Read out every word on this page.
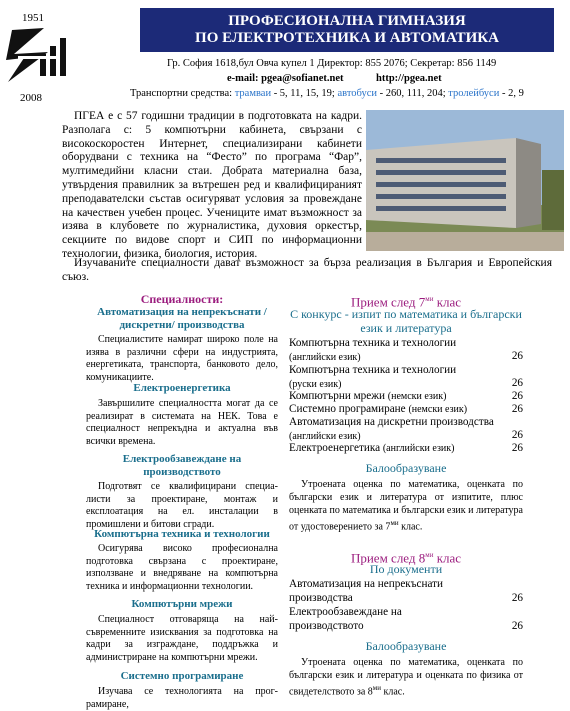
1951
2008
ПРОФЕСИОНАЛНА ГИМНАЗИЯ
ПО ЕЛЕКТРОТЕХНИКА И АВТОМАТИКА
Гр. София 1618,бул Овча купел 1 Директор: 855 2076; Секретар: 856 1149
e-mail: pgea@sofianet.net	http://pgea.net
Транспортни средства: трамваи - 5, 11, 15, 19; автобуси - 260, 111, 204; тролейбуси - 2, 9
ПГЕА е с 57 годишни традиции в подготовката на кадри. Разполага с: 5 компютърни кабинета, свързани с високоскоростен Интернет, специализирани кабинети оборудвани с техника на “Фесто” по програма “Фар”, мултимедийни класни стаи. Добрата материална база, утвърдения правилник за вътрешен ред и квалифицираният преподавателски състав осигуряват условия за провеждане на качествен учебен процес. Учениците имат възможност за изява в клубовете по журналистика, духовия оркестър, секциите по видове спорт и СИП по информационни технологии, физика, биология, история.
Изучаваните специалности дават възможност за бърза реализация в България и Европейския съюз.
Специалности:
Автоматизация на непрекъснати /дискретни/ производства
Специалистите намират широко поле на изява в различни сфери на индустрията, енергетиката, транспорта, банковото дело, комуникациите.
Електроенергетика
Завършилите специалността могат да се реализират в системата на НЕК. Това е специалност непрекъдна и актуална във всички времена.
Електрообзавеждане на производството
Подготвят се квалифицирани специа-листи за проектиране, монтаж и експлоатация на ел. инсталации в промишлени и битови сгради.
Компютърна техника и технологии
Осигурява високо професионална подготовка свързана с проектиране, използване и внедряване на компютърна техника и информационни технологии.
Компютърни мрежи
Специалност отговаряща на най-съвременните изисквания за подготовка на кадри за изграждане, поддръжка и администриране на компютърни мрежи.
Системно програмиране
Изучава се технологията на прог-рамиране,
Прием след $7^{ми}$ клас
С конкурс - изпит по математика и български език и литература
Компютърна техника и технологии
(английски език)	26
Компютърна техника и технологии
(руски език)	26
Компютърни мрежи (немски език)	26
Системно програмиране (немски език)	26
Автоматизация на дискретни производства
(английски език)	26
Електроенергетика (английски език)	26
Балообразуване
Утроената оценка по математика, оценката по български език и литература от изпитите, плюс оценката по математика и български език и литература от удостоверението за $7^{ми}$ клас.
Прием след $8^{ми}$ клас
По документи
Автоматизация на непрекъснати производства	26
Електрообзавеждане на производството	26
Балообразуване
Утроената оценка по математика, оценката по български език и литература и оценката по физика от свидетелството за $8^{ми}$ клас.
